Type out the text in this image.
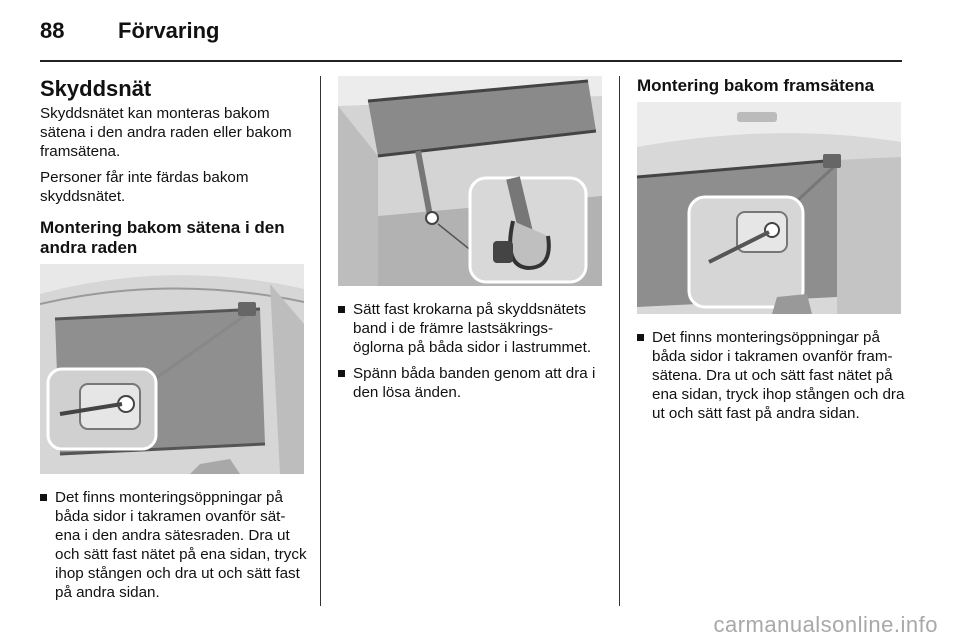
88 Förvaring
Skyddsnät

Skyddsnätet kan monteras bakom sätena i den andra raden eller bakom framsätena.

Personer får inte färdas bakom skyddsnätet.

Montering bakom sätena i den andra raden
Det finns monteringsöppningar på båda sidor i takramen ovanför sät- ena i den andra sätesraden. Dra ut och sätt fast nätet på ena sidan, tryck ihop stången och dra ut och sätt fast på andra sidan.
Sätt fast krokarna på skyddsnätets band i de främre lastsäkrings- öglorna på båda sidor i lastrummet.
Spänn båda banden genom att dra i den lösa änden.
Montering bakom framsätena
Det finns monteringsöppningar på båda sidor i takramen ovanför fram- sätena. Dra ut och sätt fast nätet på ena sidan, tryck ihop stången och dra ut och sätt fast på andra sidan.
carmanualsonline.info
